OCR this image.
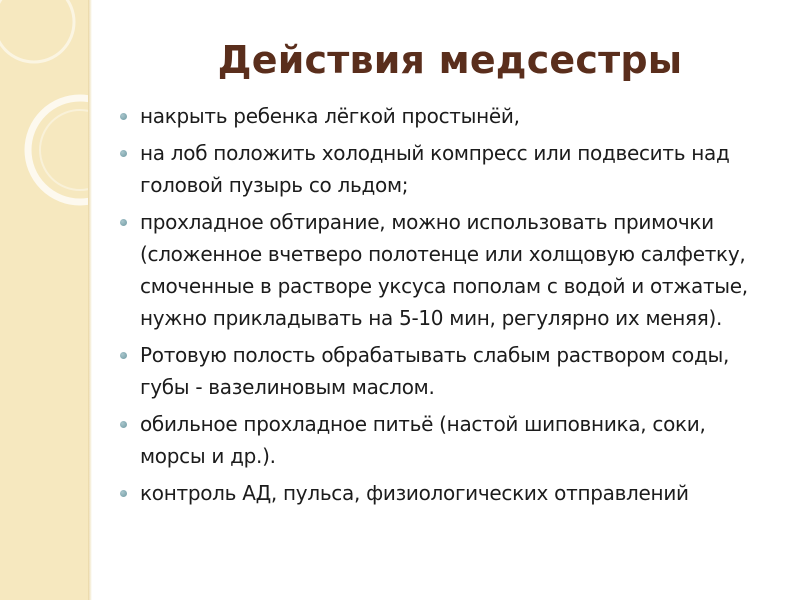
Действия медсестры
накрыть ребенка лёгкой простынёй,
на лоб положить холодный компресс или подвесить над головой пузырь со льдом;
прохладное обтирание, можно использовать примочки (сложенное вчетверо полотенце или холщовую салфетку, смоченные в растворе уксуса пополам с водой и отжатые, нужно прикладывать на 5-10 мин, регулярно их меняя).
Ротовую полость обрабатывать слабым раствором соды, губы - вазелиновым маслом.
обильное прохладное питьё (настой шиповника, соки, морсы и др.).
контроль АД, пульса, физиологических отправлений
